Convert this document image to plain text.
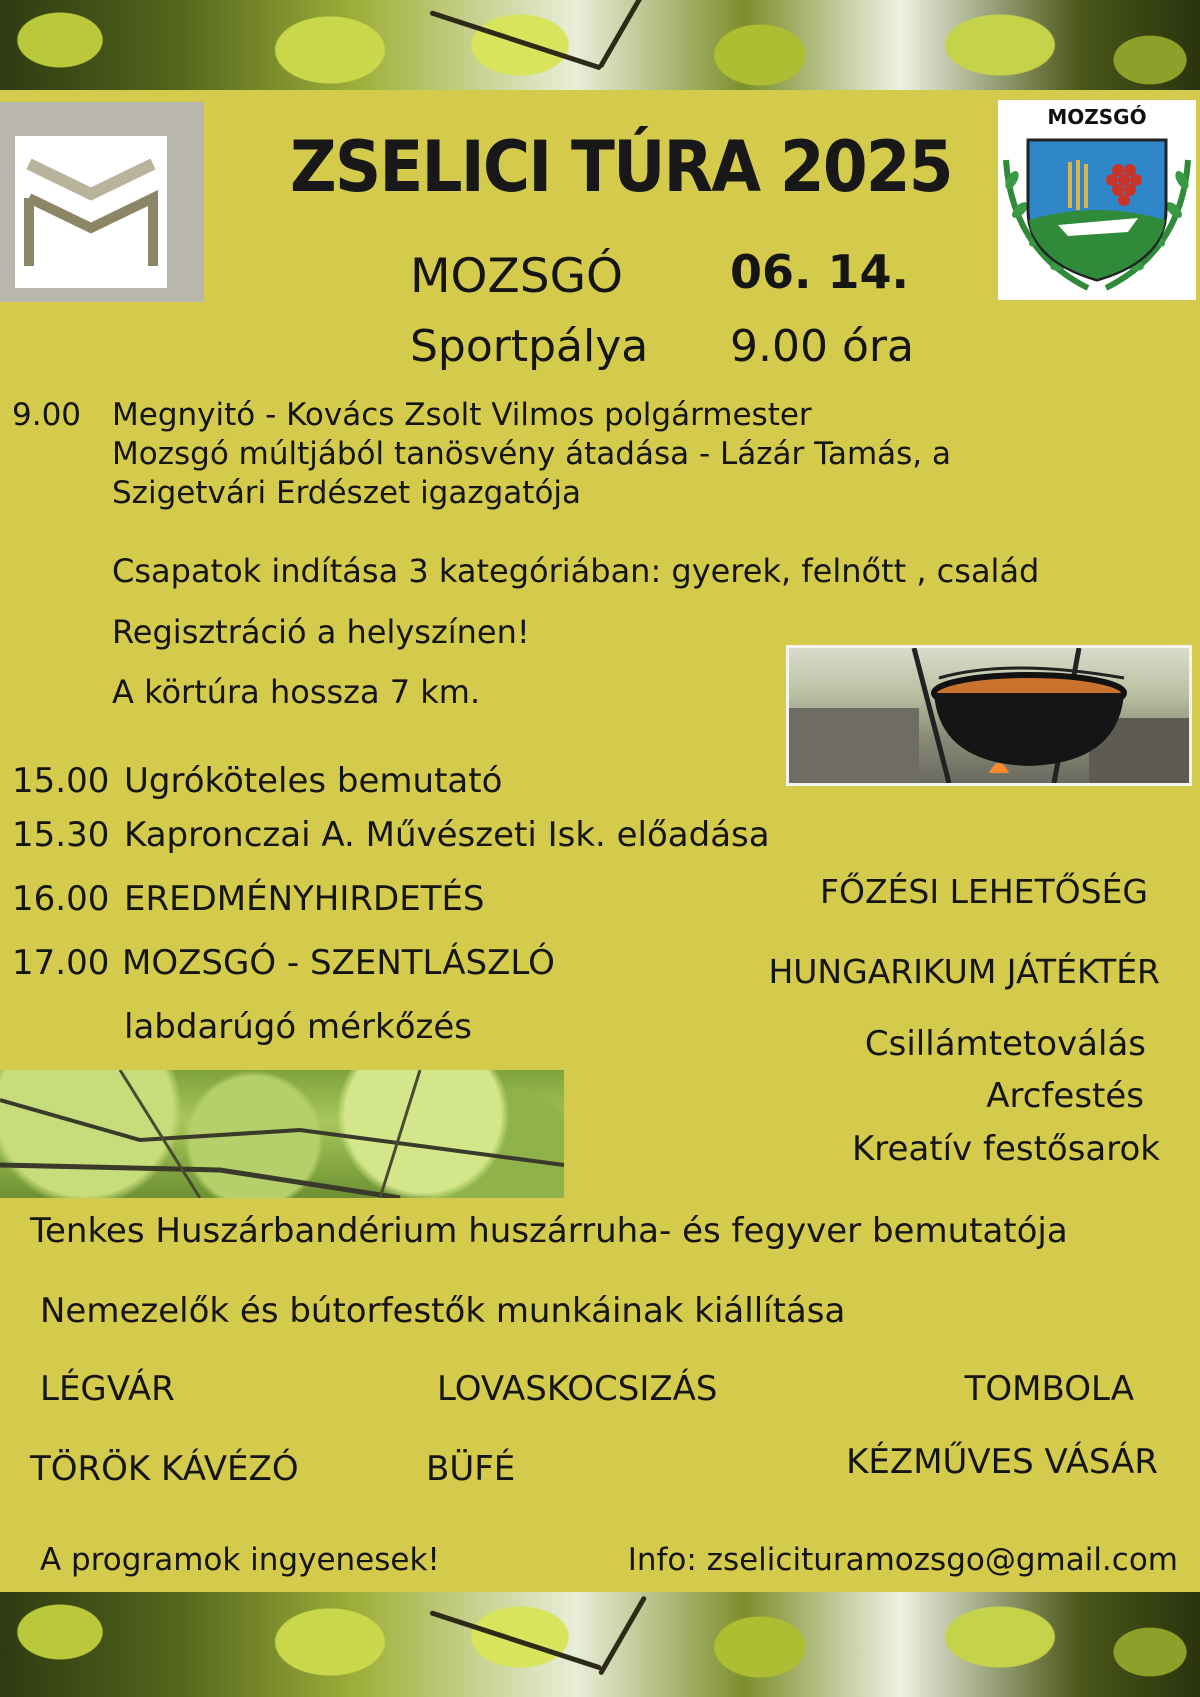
MOZSGÓ
ZSELICI TÚRA 2025
MOZSGÓ 06. 14.
Sportpálya 9.00 óra
9.00 Megnyitó - Kovács Zsolt Vilmos polgármester
Mozsgó múltjából tanösvény átadása - Lázár Tamás, a
Szigetvári Erdészet igazgatója
Csapatok indítása 3 kategóriában: gyerek, felnőtt , család
Regisztráció a helyszínen!
A körtúra hossza 7 km.
15.00 Ugróköteles bemutató
15.30 Kapronczai A. Művészeti Isk. előadása
16.00 EREDMÉNYHIRDETÉS
17.00 MOZSGÓ - SZENTLÁSZLÓ
labdarúgó mérkőzés
FŐZÉSI LEHETŐSÉG
HUNGARIKUM JÁTÉKTÉR
Csillámtetoválás
Arcfestés
Kreatív festősarok
Tenkes Huszárbandérium huszárruha- és fegyver bemutatója
Nemezelők és bútorfestők munkáinak kiállítása
LÉGVÁR	LOVASKOCSIZÁS	TOMBOLA
TÖRÖK KÁVÉZÓ	BÜFÉ	KÉZMŰVES VÁSÁR
A programok ingyenesek!	Info: zselicituramozsgo@gmail.com
